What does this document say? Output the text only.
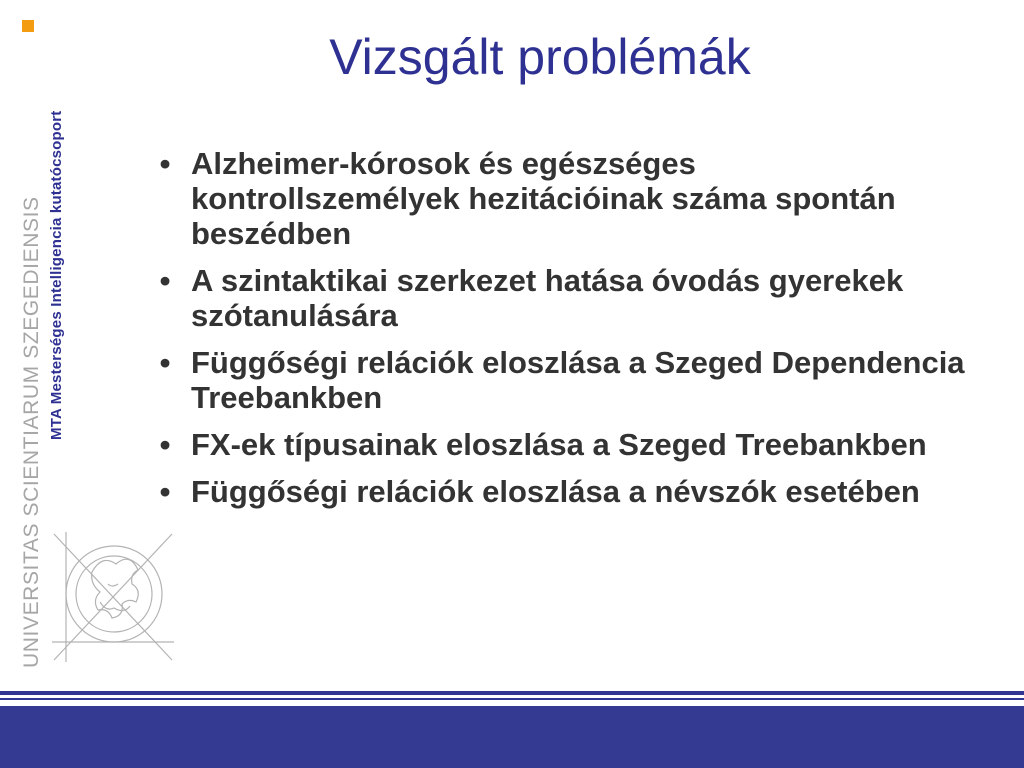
MTA Mesterséges Intelligencia kutatócsoport
UNIVERSITAS SCIENTIARUM SZEGEDIENSIS
Vizsgált problémák
• Alzheimer-kórosok és egészséges kontrollszemélyek hezitációinak száma spontán beszédben
• A szintaktikai szerkezet hatása óvodás gyerekek szótanulására
• Függőségi relációk eloszlása a Szeged Dependencia Treebankben
• FX-ek típusainak eloszlása a Szeged Treebankben
• Függőségi relációk eloszlása a névszók esetében
